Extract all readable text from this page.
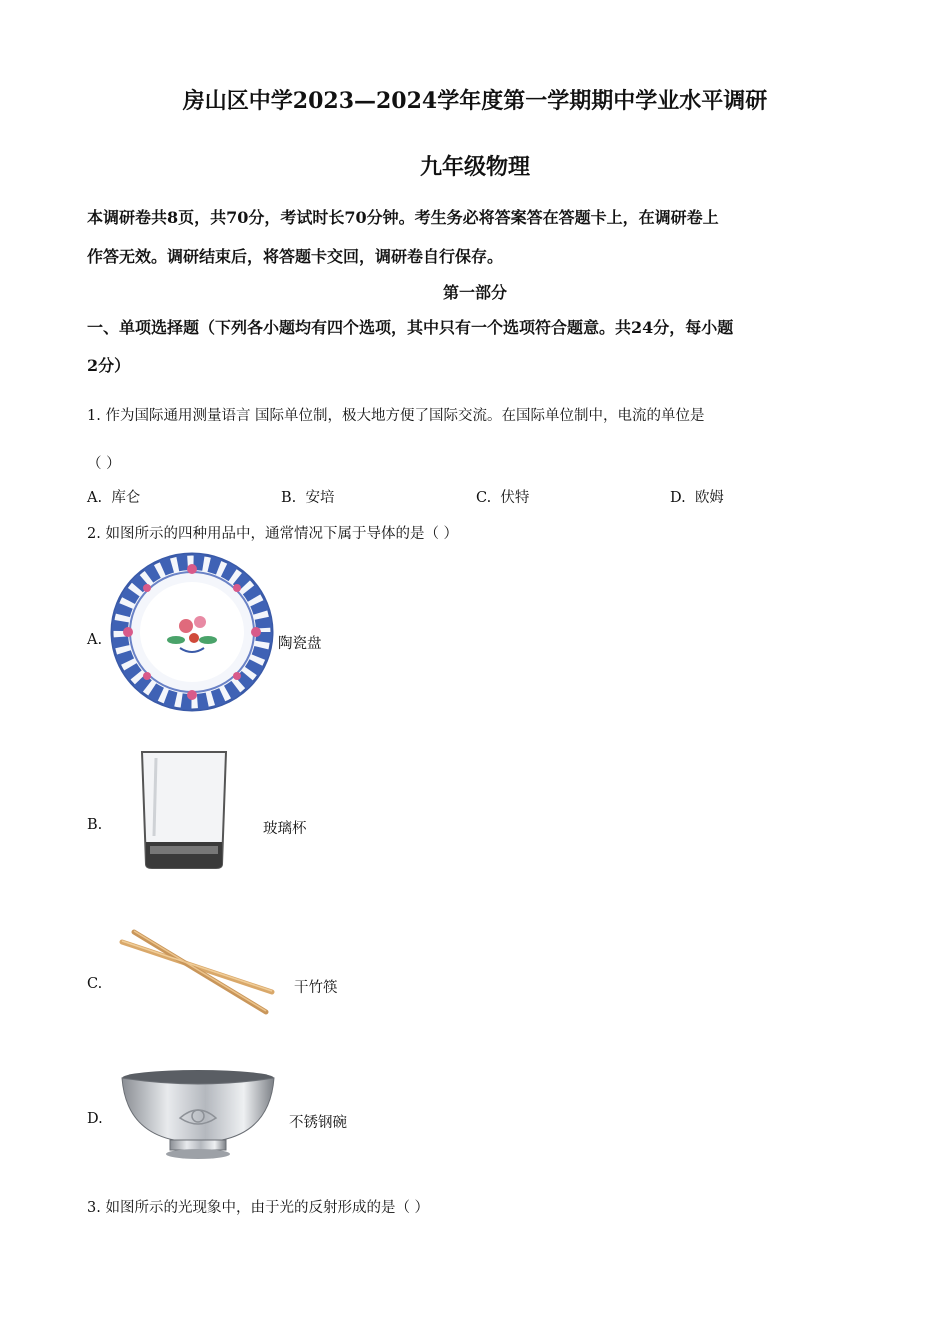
房山区中学2023—2024学年度第一学期期中学业水平调研
九年级物理
本调研卷共8页，共70分，考试时长70分钟。考生务必将答案答在答题卡上，在调研卷上
作答无效。调研结束后，将答题卡交回，调研卷自行保存。
第一部分
一、单项选择题（下列各小题均有四个选项，其中只有一个选项符合题意。共24分，每小题
2分）
1. 作为国际通用测量语言 国际单位制，极大地方便了国际交流。在国际单位制中，电流的单位是
（ ）
A. 库仑	B. 安培	C. 伏特	D. 欧姆
2. 如图所示的四种用品中，通常情况下属于导体的是（ ）
A.	陶瓷盘
B.	玻璃杯
C.	干竹筷
D.	不锈钢碗
3. 如图所示的光现象中，由于光的反射形成的是（ ）
